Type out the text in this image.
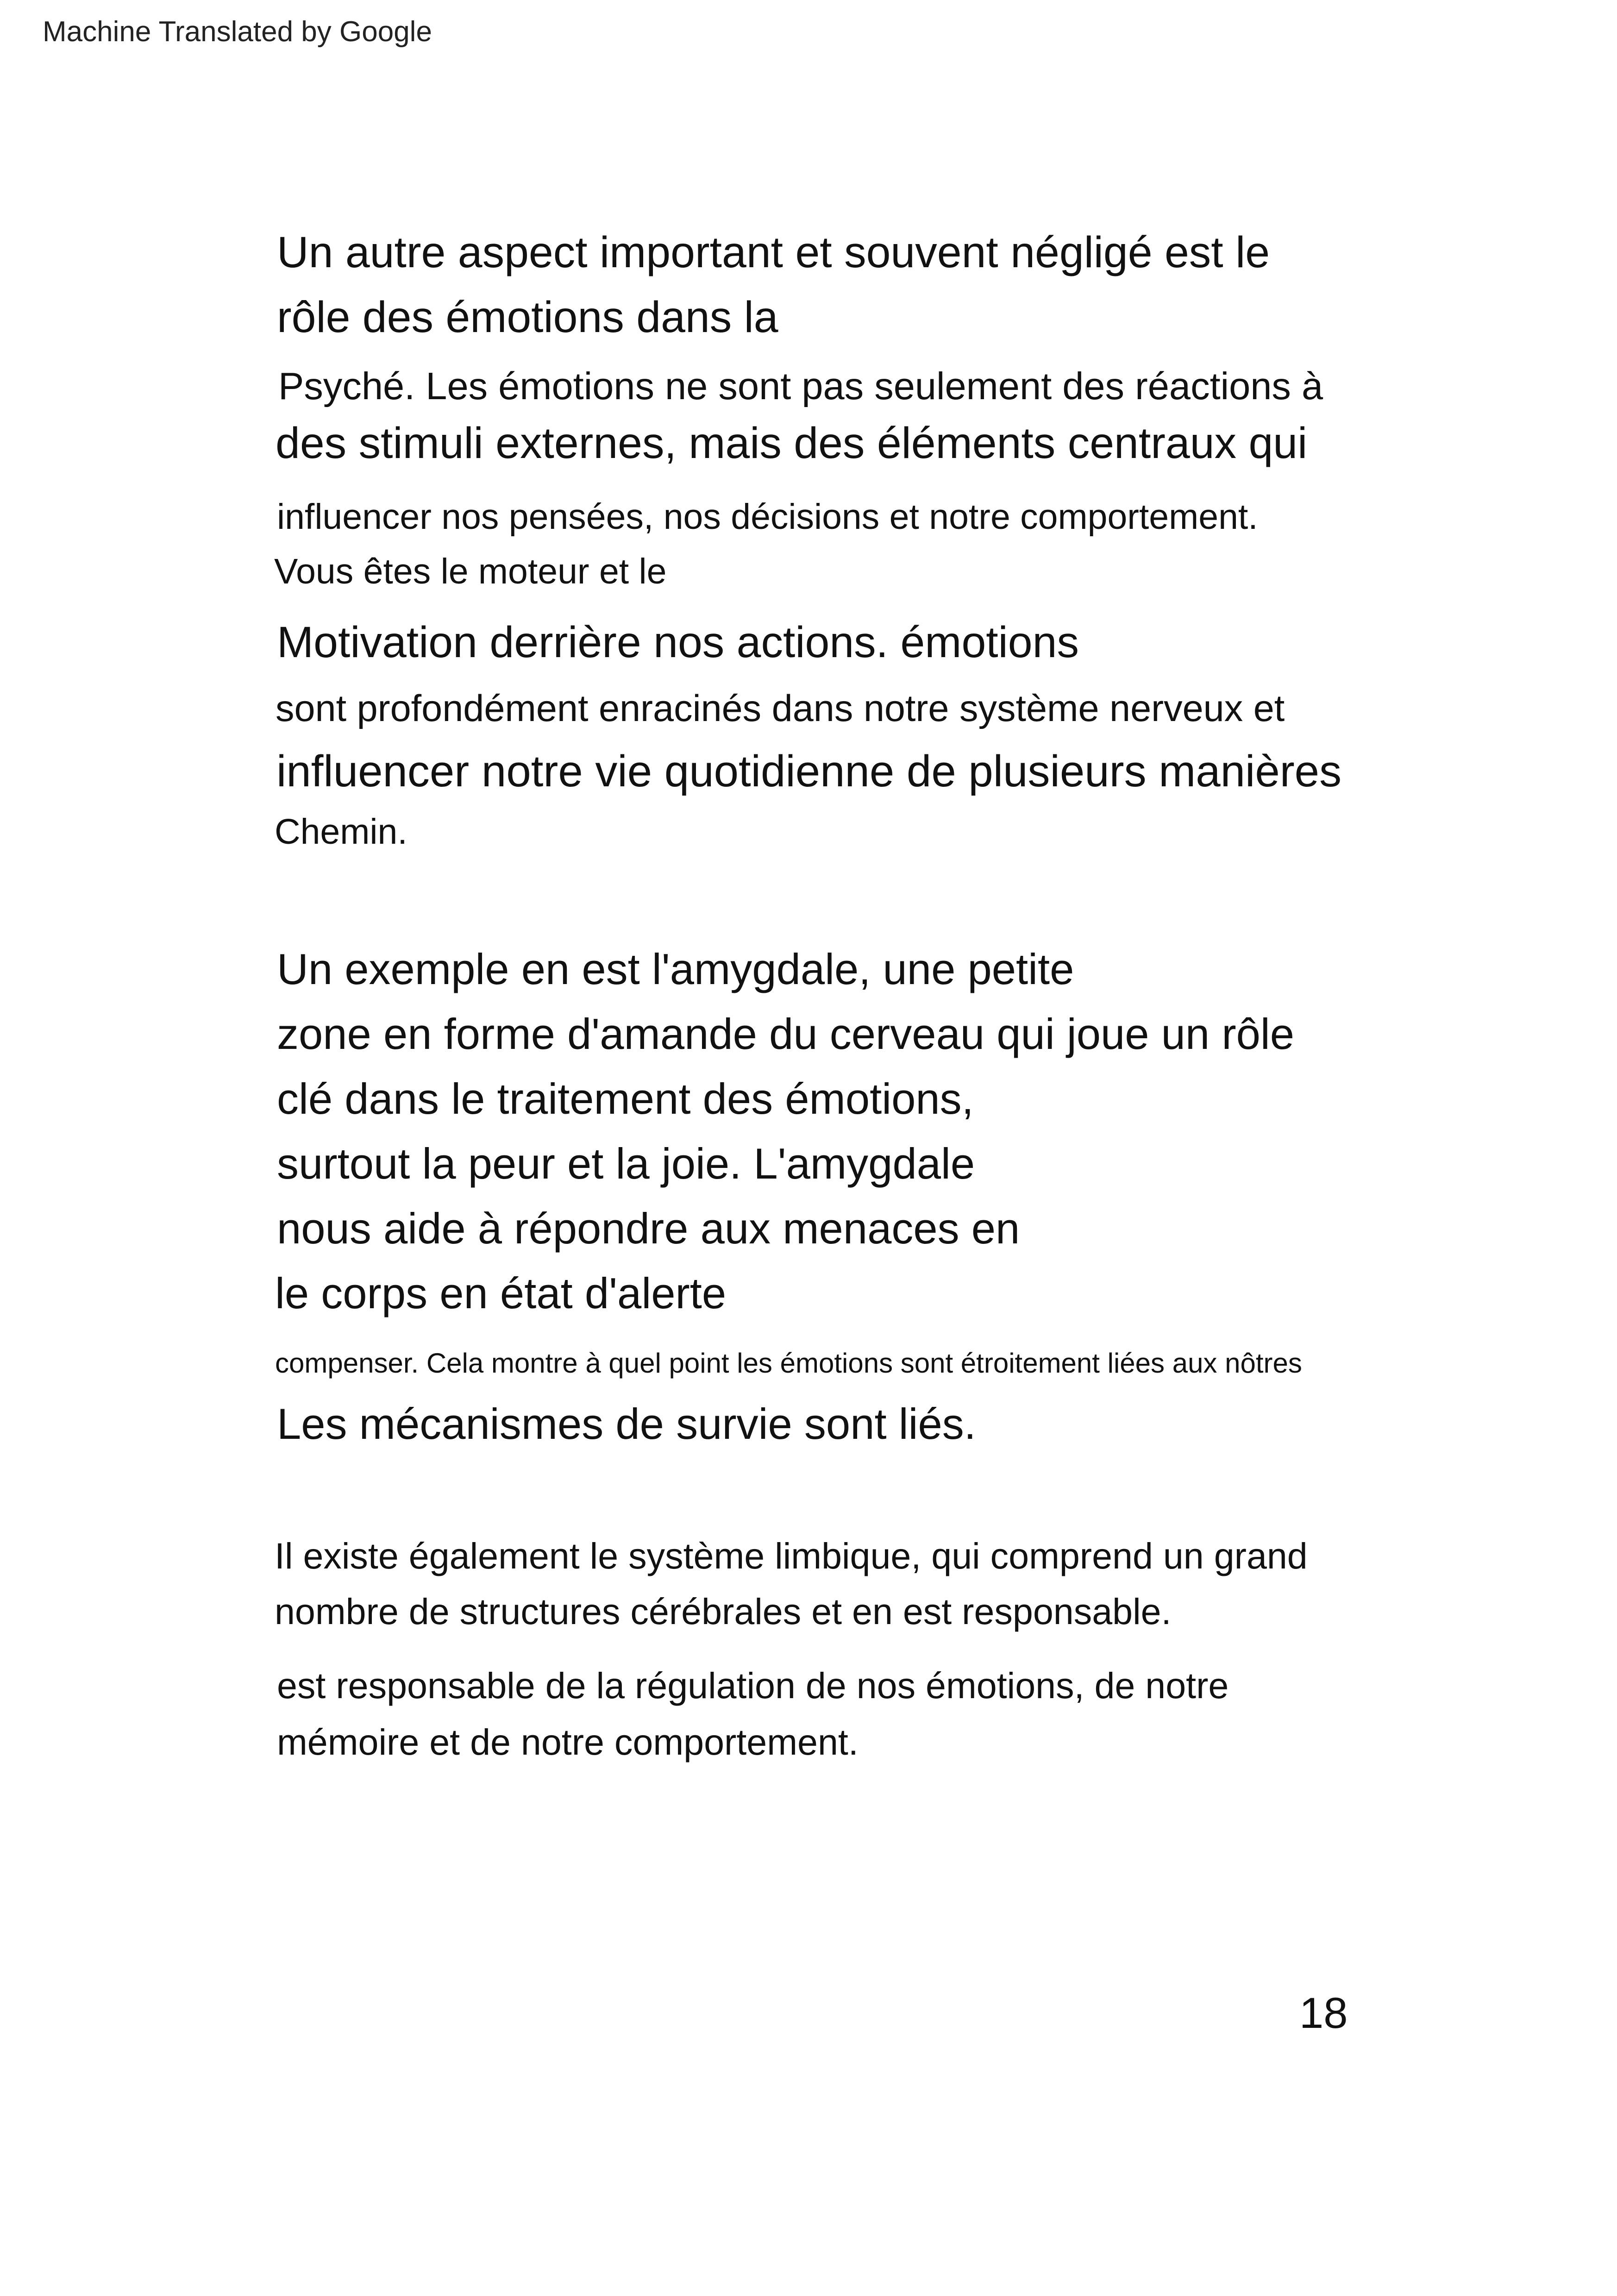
Machine Translated by Google
Un autre aspect important et souvent négligé est le
rôle des émotions dans la
Psyché. Les émotions ne sont pas seulement des réactions à
des stimuli externes, mais des éléments centraux qui
influencer nos pensées, nos décisions et notre comportement.
Vous êtes le moteur et le
Motivation derrière nos actions. émotions
sont profondément enracinés dans notre système nerveux et
influencer notre vie quotidienne de plusieurs manières
Chemin.
Un exemple en est l'amygdale, une petite
zone en forme d'amande du cerveau qui joue un rôle
clé dans le traitement des émotions,
surtout la peur et la joie. L'amygdale
nous aide à répondre aux menaces en
le corps en état d'alerte
compenser. Cela montre à quel point les émotions sont étroitement liées aux nôtres
Les mécanismes de survie sont liés.
Il existe également le système limbique, qui comprend un grand
nombre de structures cérébrales et en est responsable.
est responsable de la régulation de nos émotions, de notre
mémoire et de notre comportement.
18
